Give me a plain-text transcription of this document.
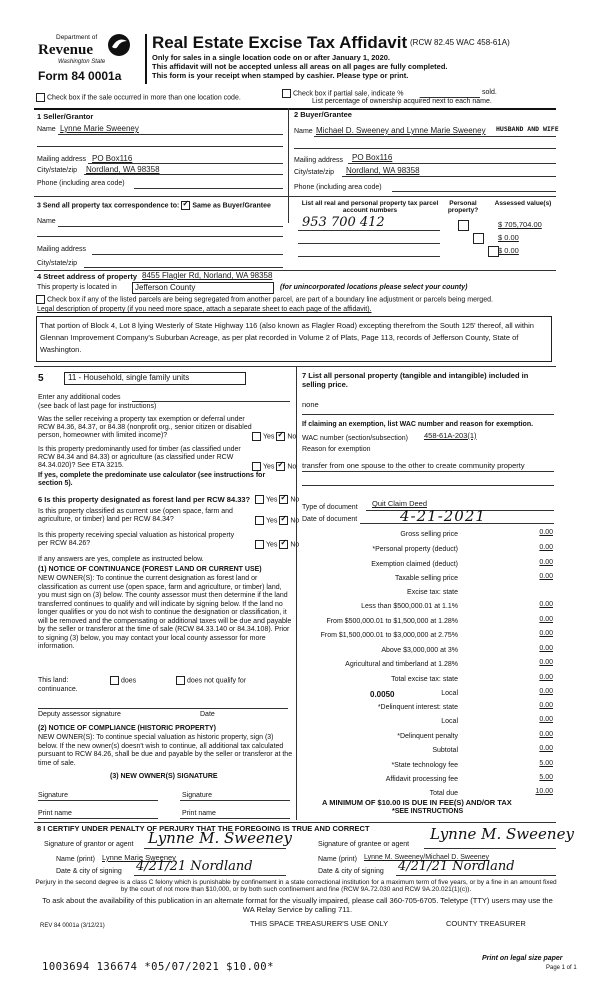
Department of
Revenue
Washington State
Form 84 0001a
Real Estate Excise Tax Affidavit (RCW 82.45 WAC 458-61A)
Only for sales in a single location code on or after January 1, 2020.
This affidavit will not be accepted unless all areas on all pages are fully completed.
This form is your receipt when stamped by cashier. Please type or print.
Check box if the sale occurred in more than one location code.
Check box if partial sale, indicate %	sold.
List percentage of ownership acquired next to each name.
1 Seller/Grantor
Name Lynne Marie Sweeney
Mailing address PO Box116
City/state/zip Nordland, WA 98358
Phone (including area code)
2 Buyer/Grantee
Name Michael D. Sweeney and Lynne Marie Sweeney HUSBAND AND WIFE
Mailing address PO Box116
City/state/zip Nordland, WA 98358
Phone (including area code)
3 Send all property tax correspondence to: ✓ Same as Buyer/Grantee
Name
Mailing address
City/state/zip
List all real and personal property tax parcel account numbers
Personal property?
Assessed value(s)
953 700 412
	$ 705,704.00
$ 0.00
$ 0.00
4 Street address of property 8455 Flagler Rd, Norland, WA 98358
This property is located in	Jefferson County	(for unincorporated locations please select your county)
Check box if any of the listed parcels are being segregated from another parcel, are part of a boundary line adjustment or parcels being merged.
Legal description of property (if you need more space, attach a separate sheet to each page of the affidavit).
That portion of Block 4, Lot 8 lying Westerly of State Highway 116 (also known as Flagler Road) excepting therefrom the South 125' thereof, all within Glennan Improvement Company's Suburban Acreage, as per plat recorded in Volume 2 of Plats, Page 113, records of Jefferson County, State of Washington.
5	11 - Household, single family units
Enter any additional codes
(see back of last page for instructions)
Was the seller receiving a property tax exemption or deferral under RCW 84.36, 84.37, or 84.38 (nonprofit org., senior citizen or disabled person, homeowner with limited income)?	Yes ✓ No
Is this property predominantly used for timber (as classified under RCW 84.34 and 84.33) or agriculture (as classified under RCW 84.34.020)? See ETA 3215.	Yes ✓ No
If yes, complete the predominate use calculator (see instructions for section 5).
6 Is this property designated as forest land per RCW 84.33?	Yes ✓ No
Is this property classified as current use (open space, farm and agriculture, or timber) land per RCW 84.34?	Yes ✓ No
Is this property receiving special valuation as historical property per RCW 84.26?	Yes ✓ No
If any answers are yes, complete as instructed below.
(1) NOTICE OF CONTINUANCE (FOREST LAND OR CURRENT USE)
NEW OWNER(S): To continue the current designation as forest land or classification as current use (open space, farm and agriculture, or timber) land, you must sign on (3) below. The county assessor must then determine if the land transferred continues to qualify and will indicate by signing below. If the land no longer qualifies or you do not wish to continue the designation or classification, it will be removed and the compensating or additional taxes will be due and payable by the seller or transferor at the time of sale (RCW 84.33.140 or 84.34.108). Prior to signing (3) below, you may contact your local county assessor for more information.
This land:
continuance.
does	does not qualify for
Deputy assessor signature	Date
(2) NOTICE OF COMPLIANCE (HISTORIC PROPERTY)
NEW OWNER(S): To continue special valuation as historic property, sign (3) below. If the new owner(s) doesn't wish to continue, all additional tax calculated pursuant to RCW 84.26, shall be due and payable by the seller or transferor at the time of sale.
(3) NEW OWNER(S) SIGNATURE
Signature	Signature
Print name	Print name
7 List all personal property (tangible and intangible) included in selling price.
none
If claiming an exemption, list WAC number and reason for exemption.
WAC number (section/subsection) 458-61A-203(1)
Reason for exemption
transfer from one spouse to the other to create community property
Type of document Quit Claim Deed
Date of document	4-21-2021
Gross selling price	0.00
*Personal property (deduct)	0.00
Exemption claimed (deduct)	0.00
Taxable selling price	0.00
Excise tax: state
Less than $500,000.01 at 1.1%	0.00
From $500,000.01 to $1,500,000 at 1.28%	0.00
From $1,500,000.01 to $3,000,000 at 2.75%	0.00
Above $3,000,000 at 3%	0.00
Agricultural and timberland at 1.28%	0.00
Total excise tax: state	0.00
0.0050	Local	0.00
*Delinquent interest: state	0.00
Local	0.00
*Delinquent penalty	0.00
Subtotal	0.00
*State technology fee	5.00
Affidavit processing fee	5.00
Total due	10.00
A MINIMUM OF $10.00 IS DUE IN FEE(S) AND/OR TAX
*SEE INSTRUCTIONS
8 I CERTIFY UNDER PENALTY OF PERJURY THAT THE FOREGOING IS TRUE AND CORRECT
Signature of grantor or agent Lynne M. Sweeney
Name (print) Lynne Marie Sweeney
Date & city of signing 4/21/21 Nordland
Signature of grantee or agent
Lynne M. Sweeney
Name (print) Lynne M. Sweeney/Michael D. Sweeney
Date & city of signing 4/21/21 Nordland
Perjury in the second degree is a class C felony which is punishable by confinement in a state correctional institution for a maximum term of five years, or by a fine in an amount fixed by the court of not more than $10,000, or by both such confinement and fine (RCW 9A.72.030 and RCW 9A.20.021(1)(c)).
To ask about the availability of this publication in an alternate format for the visually impaired, please call 360-705-6705. Teletype (TTY) users may use the WA Relay Service by calling 711.
REV 84 0001a (3/12/21)	THIS SPACE TREASURER'S USE ONLY	COUNTY TREASURER
1003694 136674 *05/07/2021 $10.00*
Print on legal size paper
Page 1 of 1
